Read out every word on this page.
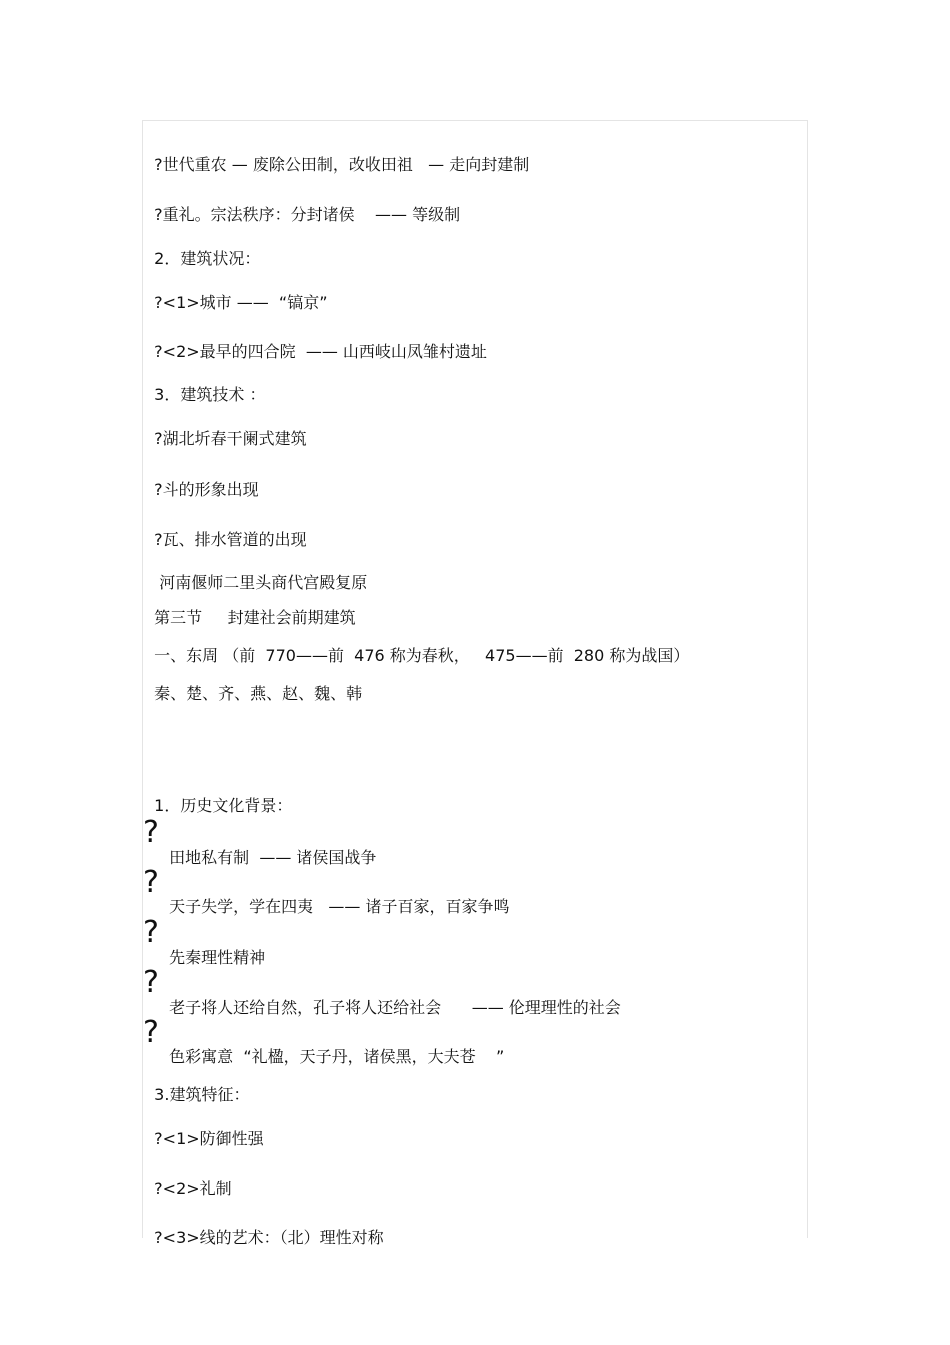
?世代重农 — 废除公田制，改收田祖   — 走向封建制

?重礼。宗法秩序：分封诸侯    —— 等级制

2．建筑状况：

?<1>城市 ——  “镐京”

?<2>最早的四合院  —— 山西岐山凤雏村遗址

3．建筑技术 ：

?湖北圻春干阑式建筑

?斗的形象出现

?瓦、排水管道的出现

河南偃师二里头商代宫殿复原

第三节     封建社会前期建筑

一、东周 （前  770——前  476 称为春秋，   475——前  280 称为战国）

秦、楚、齐、燕、赵、魏、韩

1．历史文化背景：

?

田地私有制  —— 诸侯国战争

?

天子失学，学在四夷   —— 诸子百家，百家争鸣

?

先秦理性精神

?

老子将人还给自然，孔子将人还给社会      —— 伦理理性的社会

?

色彩寓意  “礼楹，天子丹，诸侯黑，大夫苍    ”

3.建筑特征：

?<1>防御性强

?<2>礼制

?<3>线的艺术：（北）理性对称
